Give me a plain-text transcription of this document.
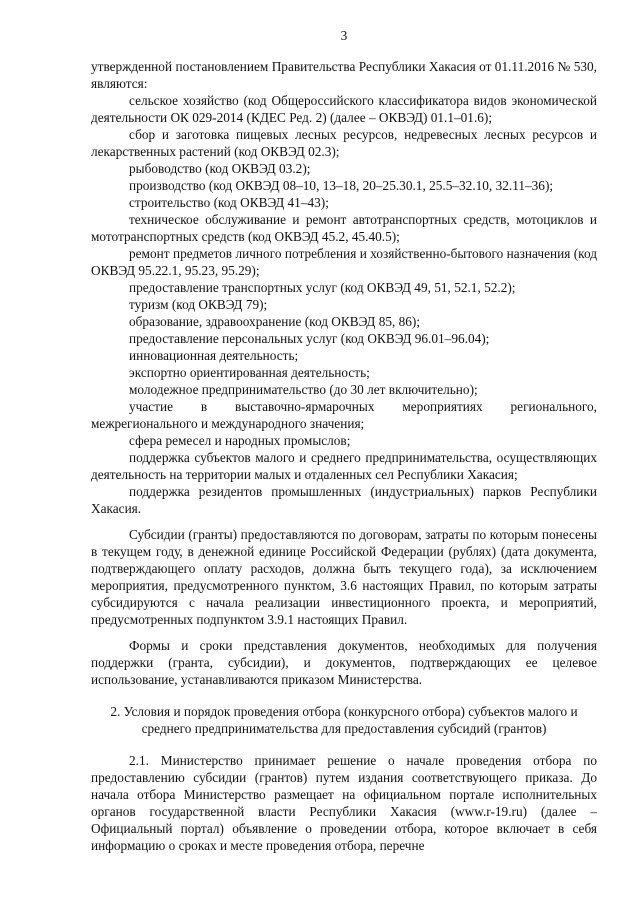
3

утвержденной постановлением Правительства Республики Хакасия от 01.11.2016 № 530, являются:

сельское хозяйство (код Общероссийского классификатора видов экономической деятельности ОК 029-2014 (КДЕС Ред. 2) (далее – ОКВЭД) 01.1–01.6);

сбор и заготовка пищевых лесных ресурсов, недревесных лесных ресурсов и лекарственных растений (код ОКВЭД 02.3);

рыбоводство (код ОКВЭД 03.2);

производство (код ОКВЭД 08–10, 13–18, 20–25.30.1, 25.5–32.10, 32.11–36);

строительство (код ОКВЭД 41–43);

техническое обслуживание и ремонт автотранспортных средств, мотоциклов и мототранспортных средств (код ОКВЭД 45.2, 45.40.5);

ремонт предметов личного потребления и хозяйственно-бытового назначения (код ОКВЭД 95.22.1, 95.23, 95.29);

предоставление транспортных услуг (код ОКВЭД 49, 51, 52.1, 52.2);

туризм (код ОКВЭД 79);

образование, здравоохранение (код ОКВЭД 85, 86);

предоставление персональных услуг (код ОКВЭД 96.01–96.04);

инновационная деятельность;

экспортно ориентированная деятельность;

молодежное предпринимательство (до 30 лет включительно);

участие в выставочно-ярмарочных мероприятиях регионального, межрегионального и международного значения;

сфера ремесел и народных промыслов;

поддержка субъектов малого и среднего предпринимательства, осуществляющих деятельность на территории малых и отдаленных сел Республики Хакасия;

поддержка резидентов промышленных (индустриальных) парков Республики Хакасия.

Субсидии (гранты) предоставляются по договорам, затраты по которым понесены в текущем году, в денежной единице Российской Федерации (рублях) (дата документа, подтверждающего оплату расходов, должна быть текущего года), за исключением мероприятия, предусмотренного пунктом, 3.6 настоящих Правил, по которым затраты субсидируются с начала реализации инвестиционного проекта, и мероприятий, предусмотренных подпунктом 3.9.1 настоящих Правил.

Формы и сроки представления документов, необходимых для получения поддержки (гранта, субсидии), и документов, подтверждающих ее целевое использование, устанавливаются приказом Министерства.

2. Условия и порядок проведения отбора (конкурсного отбора) субъектов малого и среднего предпринимательства для предоставления субсидий (грантов)

2.1. Министерство принимает решение о начале проведения отбора по предоставлению субсидии (грантов) путем издания соответствующего приказа. До начала отбора Министерство размещает на официальном портале исполнительных органов государственной власти Республики Хакасия (www.r-19.ru) (далее – Официальный портал) объявление о проведении отбора, которое включает в себя информацию о сроках и месте проведения отбора, перечне
